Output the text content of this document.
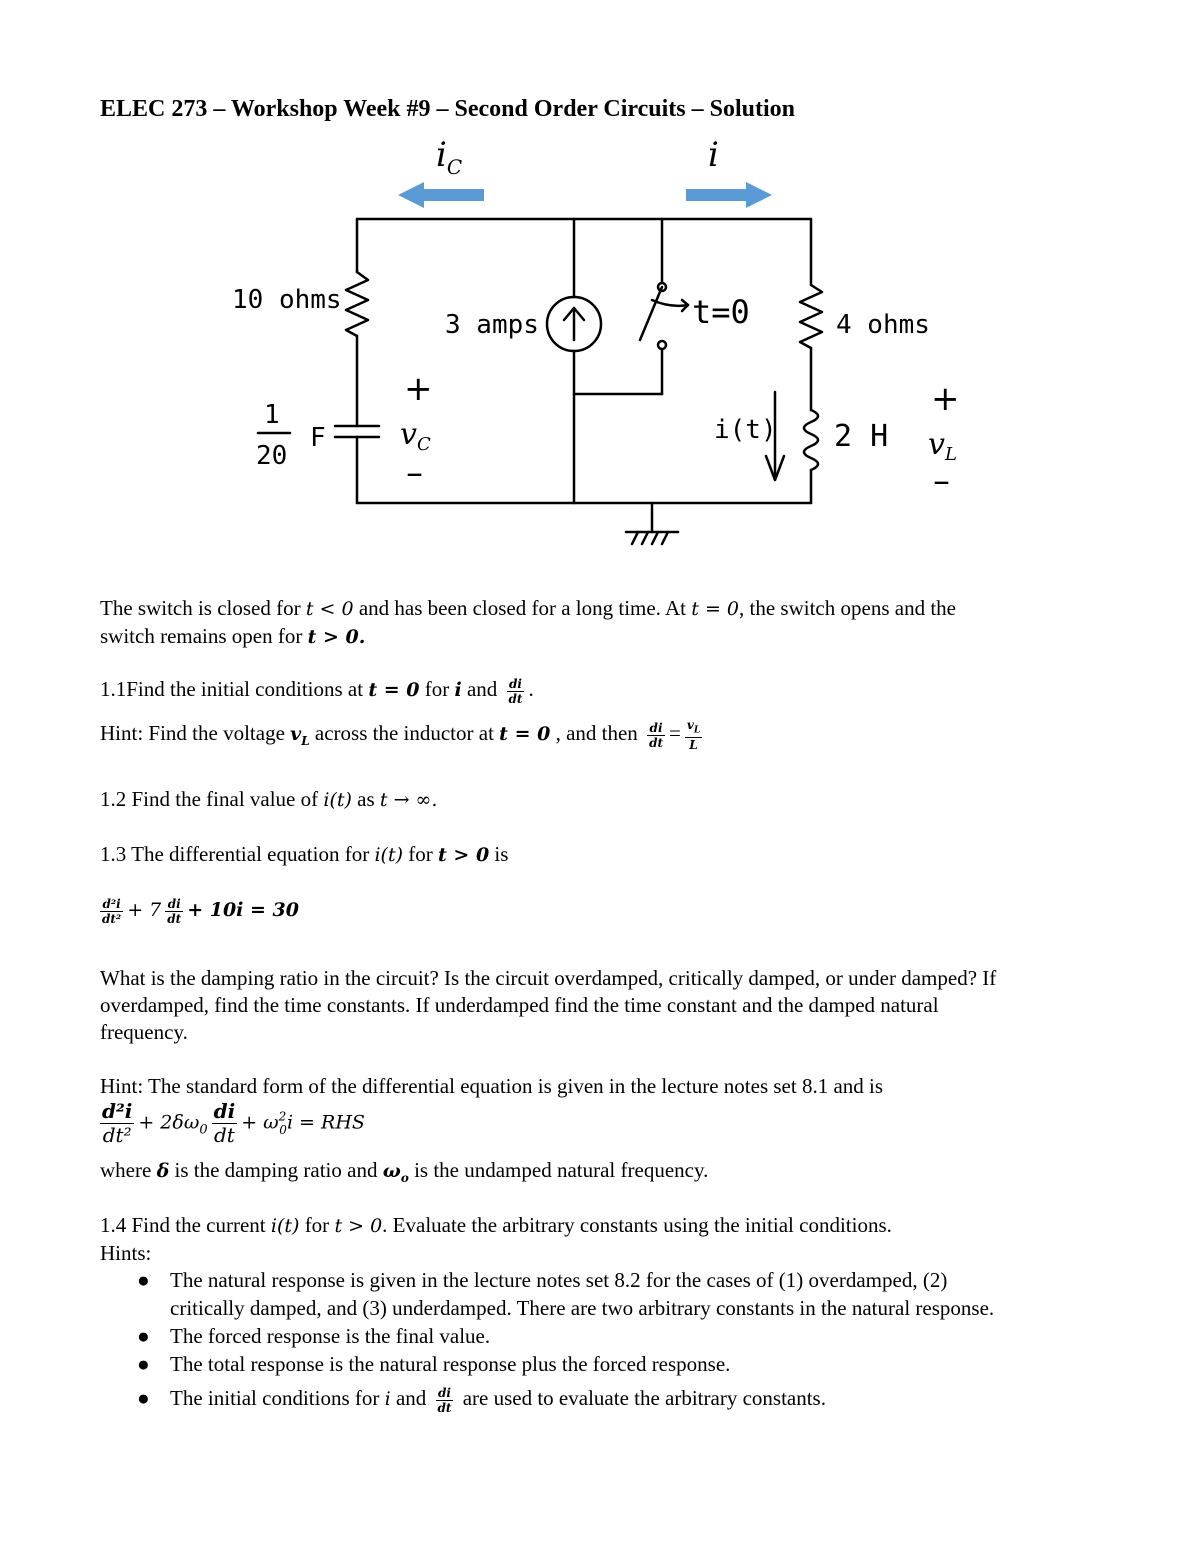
ELEC 273 – Workshop Week #9 – Second Order Circuits – Solution
$i_C$	i
10 ohms
3 amps	t=0	4 ohms
i(t) 2 H
1
20
F
+
–
+
–
$v_C$	$v_L$
The switch is closed for t < 0 and has been closed for a long time. At t = 0, the switch opens and the
switch remains open for t > 0.
1.1Find the initial conditions at t = 0 for i and $\frac{di}{dt}$ .
Hint: Find the voltage $v_L$ across the inductor at t = 0 , and then $\frac{di}{dt} = \frac{v_L}{L}$
1.2 Find the final value of i(t) as t → ∞.
1.3 The differential equation for i(t) for t > 0 is
$\frac{\text{d²i}}{\text{dt²}} + 7 \frac{di}{dt} + 10i = 30$
What is the damping ratio in the circuit? Is the circuit overdamped, critically damped, or under damped? If
overdamped, find the time constants. If underdamped find the time constant and the damped natural
frequency.
Hint: The standard form of the differential equation is given in the lecture notes set 8.1 and is
$\frac{\text{d²i}}{\text{dt²}} + 2\delta\omega_0 \frac{di}{dt} + \omega^2_0i$ = RHS
where δ is the damping ratio and $\omega_o$ is the undamped natural frequency.
1.4 Find the current i(t) for t > 0. Evaluate the arbitrary constants using the initial conditions.
Hints:
● The natural response is given in the lecture notes set 8.2 for the cases of (1) overdamped, (2)
critically damped, and (3) underdamped. There are two arbitrary constants in the natural response.
● The forced response is the final value.
● The total response is the natural response plus the forced response.
● The initial conditions for i and $\frac{di}{dt}$ are used to evaluate the arbitrary constants.
